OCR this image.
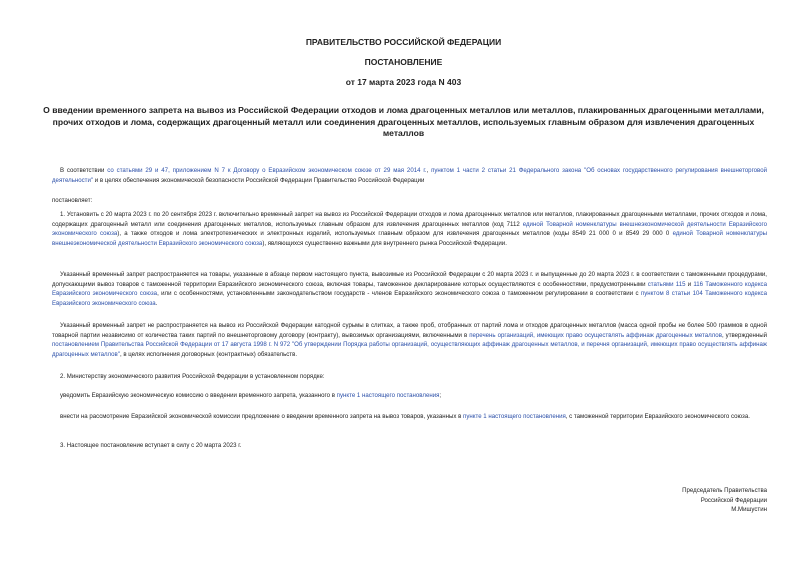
ПРАВИТЕЛЬСТВО РОССИЙСКОЙ ФЕДЕРАЦИИ
ПОСТАНОВЛЕНИЕ
от 17 марта 2023 года N 403
О введении временного запрета на вывоз из Российской Федерации отходов и лома драгоценных металлов или металлов, плакированных драгоценными металлами, прочих отходов и лома, содержащих драгоценный металл или соединения драгоценных металлов, используемых главным образом для извлечения драгоценных металлов
В соответствии со статьями 29 и 47, приложением N 7 к Договору о Евразийском экономическом союзе от 29 мая 2014 г., пунктом 1 части 2 статьи 21 Федерального закона "Об основах государственного регулирования внешнеторговой деятельности" и в целях обеспечения экономической безопасности Российской Федерации Правительство Российской Федерации
постановляет:
1. Установить с 20 марта 2023 г. по 20 сентября 2023 г. включительно временный запрет на вывоз из Российской Федерации отходов и лома драгоценных металлов или металлов, плакированных драгоценными металлами, прочих отходов и лома, содержащих драгоценный металл или соединения драгоценных металлов, используемых главным образом для извлечения драгоценных металлов (код 7112 единой Товарной номенклатуры внешнеэкономической деятельности Евразийского экономического союза), а также отходов и лома электротехнических и электронных изделий, используемых главным образом для извлечения драгоценных металлов (коды 8549 21 000 0 и 8549 29 000 0 единой Товарной номенклатуры внешнеэкономической деятельности Евразийского экономического союза), являющихся существенно важными для внутреннего рынка Российской Федерации.
Указанный временный запрет распространяется на товары, указанные в абзаце первом настоящего пункта, вывозимые из Российской Федерации с 20 марта 2023 г. и выпущенные до 20 марта 2023 г. в соответствии с таможенными процедурами, допускающими вывоз товаров с таможенной территории Евразийского экономического союза, включая товары, таможенное декларирование которых осуществляются с особенностями, предусмотренными статьями 115 и 116 Таможенного кодекса Евразийского экономического союза, или с особенностями, установленными законодательством государств - членов Евразийского экономического союза о таможенном регулировании в соответствии с пунктом 8 статьи 104 Таможенного кодекса Евразийского экономического союза.
Указанный временный запрет не распространяется на вывоз из Российской Федерации катодной сурьмы в слитках, а также проб, отобранных от партий лома и отходов драгоценных металлов (масса одной пробы не более 500 граммов в одной товарной партии независимо от количества таких партий по внешнеторговому договору (контракту), вывозимых организациями, включенными в перечень организаций, имеющих право осуществлять аффинаж драгоценных металлов, утвержденный постановлением Правительства Российской Федерации от 17 августа 1998 г. N 972 "Об утверждении Порядка работы организаций, осуществляющих аффинаж драгоценных металлов, и перечня организаций, имеющих право осуществлять аффинаж драгоценных металлов", в целях исполнения договорных (контрактных) обязательств.
2. Министерству экономического развития Российской Федерации в установленном порядке:
уведомить Евразийскую экономическую комиссию о введении временного запрета, указанного в пункте 1 настоящего постановления;
внести на рассмотрение Евразийской экономической комиссии предложение о введении временного запрета на вывоз товаров, указанных в пункте 1 настоящего постановления, с таможенной территории Евразийского экономического союза.
3. Настоящее постановление вступает в силу с 20 марта 2023 г.
Председатель Правительства
Российской Федерации
М.Мишустин
